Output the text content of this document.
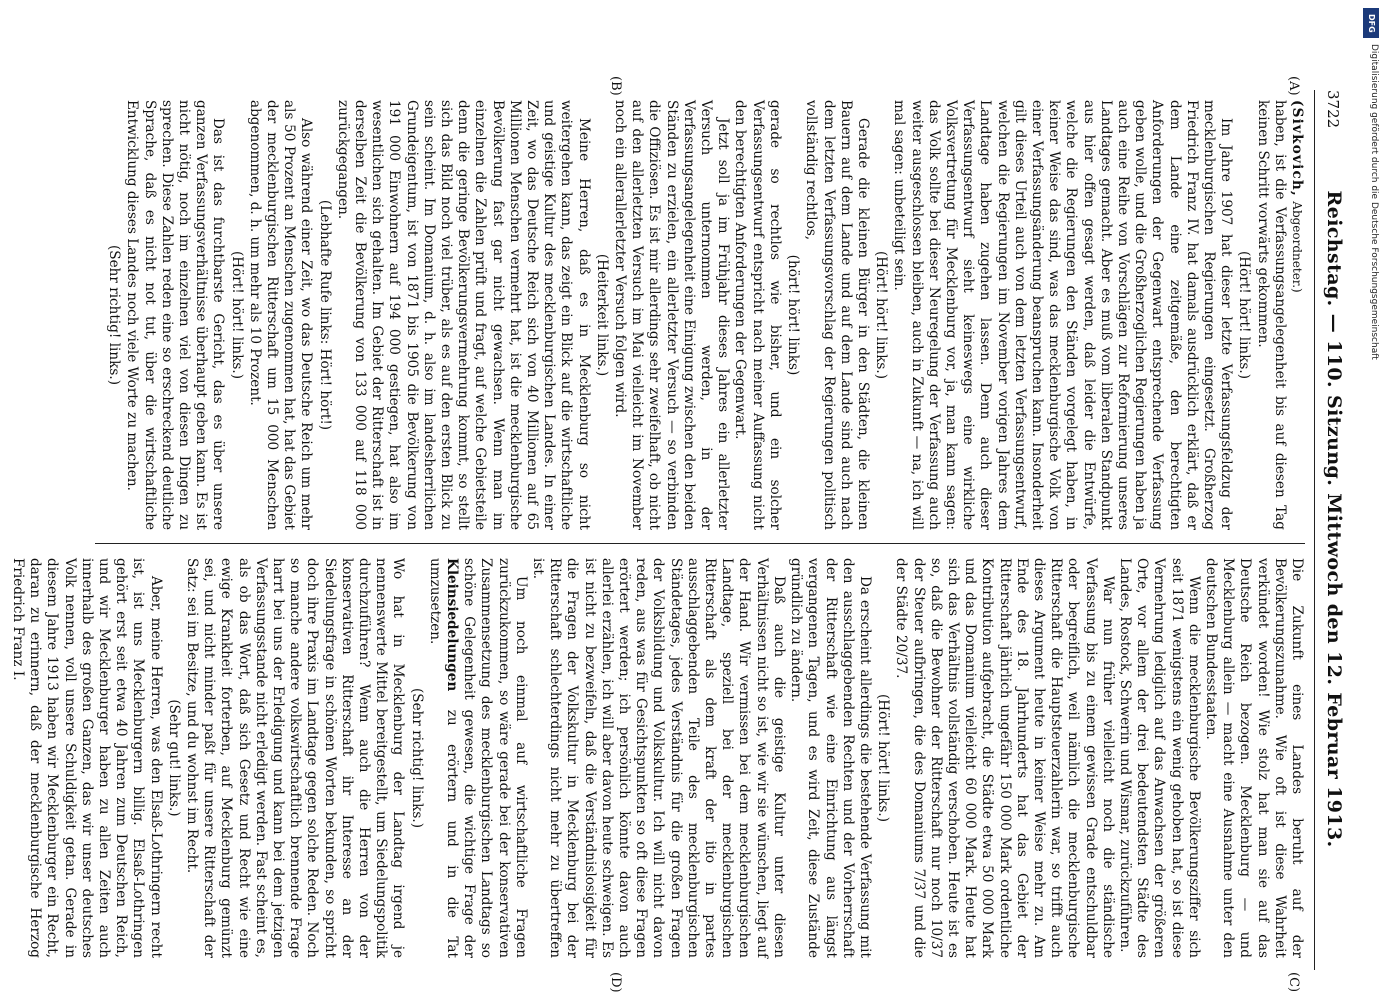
3722
Reichstag. — 110. Sitzung. Mittwoch den 12. Februar 1913.
(A)
(B)
(C)
(D)

(Sivkovich, Abgeordneter.)

haben, ist die Verfassungsangelegenheit bis auf diesen Tag keinen Schritt vorwärts gekommen.

(Hört! hört! links.)

Im Jahre 1907 hat dieser letzte Verfassungsfeldzug der mecklenburgischen Regierungen eingesetzt. Großherzog Friedrich Franz IV. hat damals ausdrücklich erklärt, daß er dem Lande eine zeitgemäße, den berechtigten Anforderungen der Gegenwart entsprechende Verfassung geben wolle, und die Großherzoglichen Regierungen haben ja auch eine Reihe von Vorschlägen zur Reformierung unseres Landtages gemacht. Aber es muß vom liberalen Standpunkt aus hier offen gesagt werden, daß leider die Entwürfe, welche die Regierungen den Ständen vorgelegt haben, in keiner Weise das sind, was das mecklenburgische Volk von einer Verfassungsänderung beanspruchen kann. Insonderheit gilt dieses Urteil auch von dem letzten Verfassungsentwurf, welchen die Regierungen im November vorigen Jahres dem Landtage haben zugehen lassen. Denn auch dieser Verfassungsentwurf sieht keineswegs eine wirkliche Volksvertretung für Mecklenburg vor, ja, man kann sagen: das Volk sollte bei dieser Neuregelung der Verfassung auch weiter ausgeschlossen bleiben, auch in Zukunft — na, ich will mal sagen: unbeteiligt sein.

(Hört! hört! links.)

Gerade die kleinen Bürger in den Städten, die kleinen Bauern auf dem Lande und auf dem Lande sind auch nach dem letzten Verfassungsvorschlag der Regierungen politisch vollständig rechtlos,

(hört! hört! links)

gerade so rechtlos wie bisher, und ein solcher Verfassungsentwurf entspricht nach meiner Auffassung nicht den berechtigten Anforderungen der Gegenwart.

Jetzt soll ja im Frühjahr dieses Jahres ein allerletzter Versuch unternommen werden, in der Verfassungsangelegenheit eine Einigung zwischen den beiden Ständen zu erzielen, ein allerletzter Versuch — so verbinden die Offiziösen. Es ist mir allerdings sehr zweifelhaft, ob nicht auf den allerletzten Versuch im Mai vielleicht im November noch ein allerallerletzter Versuch folgen wird.

(Heiterkeit links.)

Meine Herren, daß es in Mecklenburg so nicht weitergehen kann, das zeigt ein Blick auf die wirtschaftliche und geistige Kultur des mecklenburgischen Landes. In einer Zeit, wo das Deutsche Reich sich von 40 Millionen auf 65 Millionen Menschen vermehrt hat, ist die mecklenburgische Bevölkerung fast gar nicht gewachsen. Wenn man im einzelnen die Zahlen prüft und fragt, auf welche Gebietsteile denn die geringe Bevölkerungsvermehrung kommt, so stellt sich das Bild noch viel trüber, als es auf den ersten Blick zu sein scheint. Im Domanium, d. h. also im landesherrlichen Grundeigentum, ist von 1871 bis 1905 die Bevölkerung von 191 000 Einwohnern auf 194 000 gestiegen, hat also im wesentlichen sich gehalten. Im Gebiet der Ritterschaft ist in derselben Zeit die Bevölkerung von 133 000 auf 118 000 zurückgegangen.

(Lebhafte Rufe links: Hört! hört!)

Also während einer Zeit, wo das Deutsche Reich um mehr als 50 Prozent an Menschen zugenommen hat, hat das Gebiet der mecklenburgischen Ritterschaft um 15 000 Menschen abgenommen, d. h. um mehr als 10 Prozent.

(Hört! hört! links.)

Das ist das furchtbarste Gericht, das es über unsere ganzen Verfassungsverhältnisse überhaupt geben kann. Es ist nicht nötig, noch im einzelnen viel von diesen Dingen zu sprechen. Diese Zahlen reden eine so erschreckend deutliche Sprache, daß es nicht not tut, über die wirtschaftliche Entwicklung dieses Landes noch viele Worte zu machen.

(Sehr richtig! links.)

Die Zukunft eines Landes beruht auf der Bevölkerungszunahme. Wie oft ist diese Wahrheit verkündet worden! Wie stolz hat man sie auf das Deutsche Reich bezogen. Mecklenburg — und Mecklenburg allein — macht eine Ausnahme unter den deutschen Bundesstaaten.

Wenn die mecklenburgische Bevölkerungsziffer sich seit 1871 wenigstens ein wenig gehoben hat, so ist diese Vermehrung lediglich auf das Anwachsen der größeren Orte, vor allem der drei bedeutendsten Städte des Landes, Rostock, Schwerin und Wismar, zurückzuführen.

War nun früher vielleicht noch die ständische Verfassung bis zu einem gewissen Grade entschuldbar oder begreiflich, weil nämlich die mecklenburgische Ritterschaft die Hauptsteuerzahlerin war, so trifft auch dieses Argument heute in keiner Weise mehr zu. Am Ende des 18. Jahrhunderts hat das Gebiet der Ritterschaft jährlich ungefähr 150 000 Mark ordentliche Kontribution aufgebracht, die Städte etwa 50 000 Mark und das Domanium vielleicht 60 000 Mark. Heute hat sich das Verhältnis vollständig verschoben. Heute ist es so, daß die Bewohner der Ritterschaft nur noch 10/37 der Steuer aufbringen, die des Domaniums 7/37 und die der Städte 20/37.

(Hört! hört! links.)

Da erscheint allerdings die bestehende Verfassung mit den ausschlaggebenden Rechten und der Vorherrschaft der Ritterschaft wie eine Einrichtung aus längst vergangenen Tagen, und es wird Zeit, diese Zustände gründlich zu ändern.

Daß auch die geistige Kultur unter diesen Verhältnissen nicht so ist, wie wir sie wünschen, liegt auf der Hand. Wir vermissen bei dem mecklenburgischen Landtage, speziell bei der mecklenburgischen Ritterschaft als dem kraft der itio in partes ausschlaggebenden Teile des mecklenburgischen Ständetages, jedes Verständnis für die großen Fragen der Volksbildung und Volkskultur. Ich will nicht davon reden, aus was für Gesichtspunkten so oft diese Fragen erörtert werden; ich persönlich könnte davon auch allerlei erzählen, ich will aber davon heute schweigen. Es ist nicht zu bezweifeln, daß die Verständnislosigkeit für die Fragen der Volkskultur in Mecklenburg bei der Ritterschaft schlechterdings nicht mehr zu übertreffen ist.

Um noch einmal auf wirtschaftliche Fragen zurückzukommen, so wäre gerade bei der konservativen Zusammensetzung des mecklenburgischen Landtags so schöne Gelegenheit gewesen, die wichtige Frage der Kleinsiedelungen zu erörtern und in die Tat umzusetzen.

(Sehr richtig! links.)

Wo hat in Mecklenburg der Landtag irgend je nennenswerte Mittel bereitgestellt, um Siedelungspolitik durchzuführen? Wenn auch die Herren von der konservativen Ritterschaft ihr Interesse an der Siedelungsfrage in schönen Worten bekunden, so spricht doch ihre Praxis im Landtage gegen solche Reden. Noch so manche andere volkswirtschaftlich brennende Frage harrt bei uns der Erledigung und kann bei dem jetzigen Verfassungsstande nicht erledigt werden. Fast scheint es, als ob das Wort, daß sich Gesetz und Recht wie eine ewige Krankheit forterben, auf Mecklenburg gemünzt sei, und nicht minder paßt für unsere Ritterschaft der Satz: sei im Besitze, und du wohnst im Recht.

(Sehr gut! links.)

Aber, meine Herren, was den Elsaß-Lothringern recht ist, ist uns Mecklenburgern billig. Elsaß-Lothringen gehört erst seit etwa 40 Jahren zum Deutschen Reich, und wir Mecklenburger haben zu allen Zeiten auch innerhalb des großen Ganzen, das wir unser deutsches Volk nennen, voll unsere Schuldigkeit getan. Gerade in diesem Jahre 1913 haben wir Mecklenburger ein Recht, daran zu erinnern, daß der mecklenburgische Herzog Friedrich Franz I.

DFG
Digitalisierung gefördert durch die Deutsche Forschungsgemeinschaft
